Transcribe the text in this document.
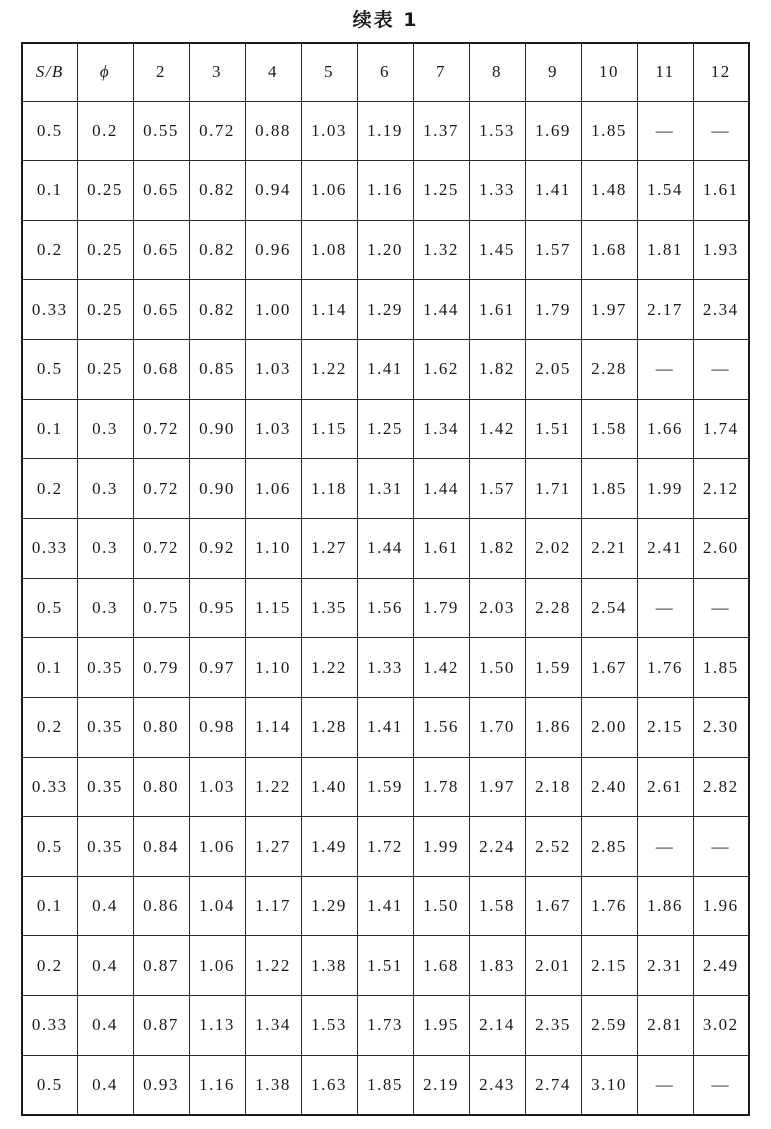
续表 1
S/B	ϕ	2	3	4	5	6	7	8	9	10	11	12
0.5	0.2	0.55	0.72	0.88	1.03	1.19	1.37	1.53	1.69	1.85	—	—
0.1	0.25	0.65	0.82	0.94	1.06	1.16	1.25	1.33	1.41	1.48	1.54	1.61
0.2	0.25	0.65	0.82	0.96	1.08	1.20	1.32	1.45	1.57	1.68	1.81	1.93
0.33	0.25	0.65	0.82	1.00	1.14	1.29	1.44	1.61	1.79	1.97	2.17	2.34
0.5	0.25	0.68	0.85	1.03	1.22	1.41	1.62	1.82	2.05	2.28	—	—
0.1	0.3	0.72	0.90	1.03	1.15	1.25	1.34	1.42	1.51	1.58	1.66	1.74
0.2	0.3	0.72	0.90	1.06	1.18	1.31	1.44	1.57	1.71	1.85	1.99	2.12
0.33	0.3	0.72	0.92	1.10	1.27	1.44	1.61	1.82	2.02	2.21	2.41	2.60
0.5	0.3	0.75	0.95	1.15	1.35	1.56	1.79	2.03	2.28	2.54	—	—
0.1	0.35	0.79	0.97	1.10	1.22	1.33	1.42	1.50	1.59	1.67	1.76	1.85
0.2	0.35	0.80	0.98	1.14	1.28	1.41	1.56	1.70	1.86	2.00	2.15	2.30
0.33	0.35	0.80	1.03	1.22	1.40	1.59	1.78	1.97	2.18	2.40	2.61	2.82
0.5	0.35	0.84	1.06	1.27	1.49	1.72	1.99	2.24	2.52	2.85	—	—
0.1	0.4	0.86	1.04	1.17	1.29	1.41	1.50	1.58	1.67	1.76	1.86	1.96
0.2	0.4	0.87	1.06	1.22	1.38	1.51	1.68	1.83	2.01	2.15	2.31	2.49
0.33	0.4	0.87	1.13	1.34	1.53	1.73	1.95	2.14	2.35	2.59	2.81	3.02
0.5	0.4	0.93	1.16	1.38	1.63	1.85	2.19	2.43	2.74	3.10	—	—
